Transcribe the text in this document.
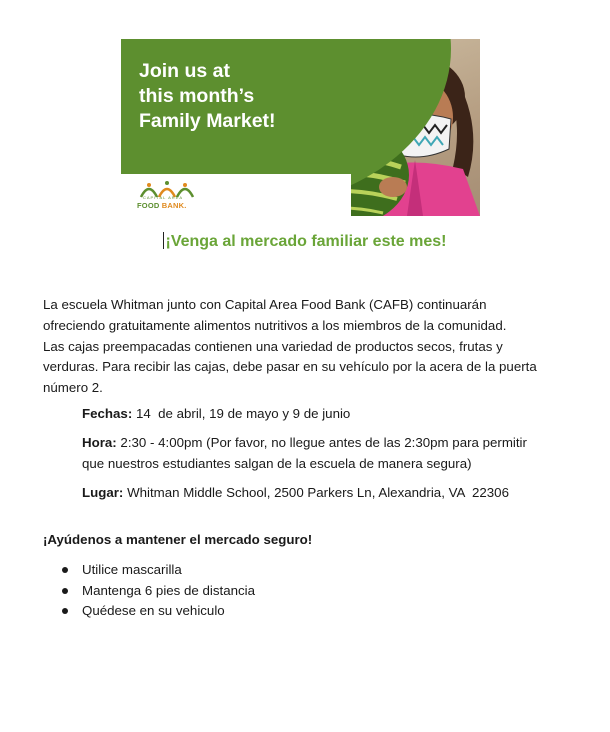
Join us at
this month’s
Family Market!
CAPITAL AREA
FOOD BANK.
¡Venga al mercado familiar este mes!

La escuela Whitman junto con Capital Area Food Bank (CAFB) continuarán
ofreciendo gratuitamente alimentos nutritivos a los miembros de la comunidad.
Las cajas preempacadas contienen una variedad de productos secos, frutas y
verduras. Para recibir las cajas, debe pasar en su vehículo por la acera de la puerta
número 2.

Fechas: 14  de abril, 19 de mayo y 9 de junio

Hora: 2:30 - 4:00pm (Por favor, no llegue antes de las 2:30pm para permitir
que nuestros estudiantes salgan de la escuela de manera segura)

Lugar: Whitman Middle School, 2500 Parkers Ln, Alexandria, VA  22306

¡Ayúdenos a mantener el mercado seguro!

Utilice mascarilla
Mantenga 6 pies de distancia
Quédese en su vehiculo
